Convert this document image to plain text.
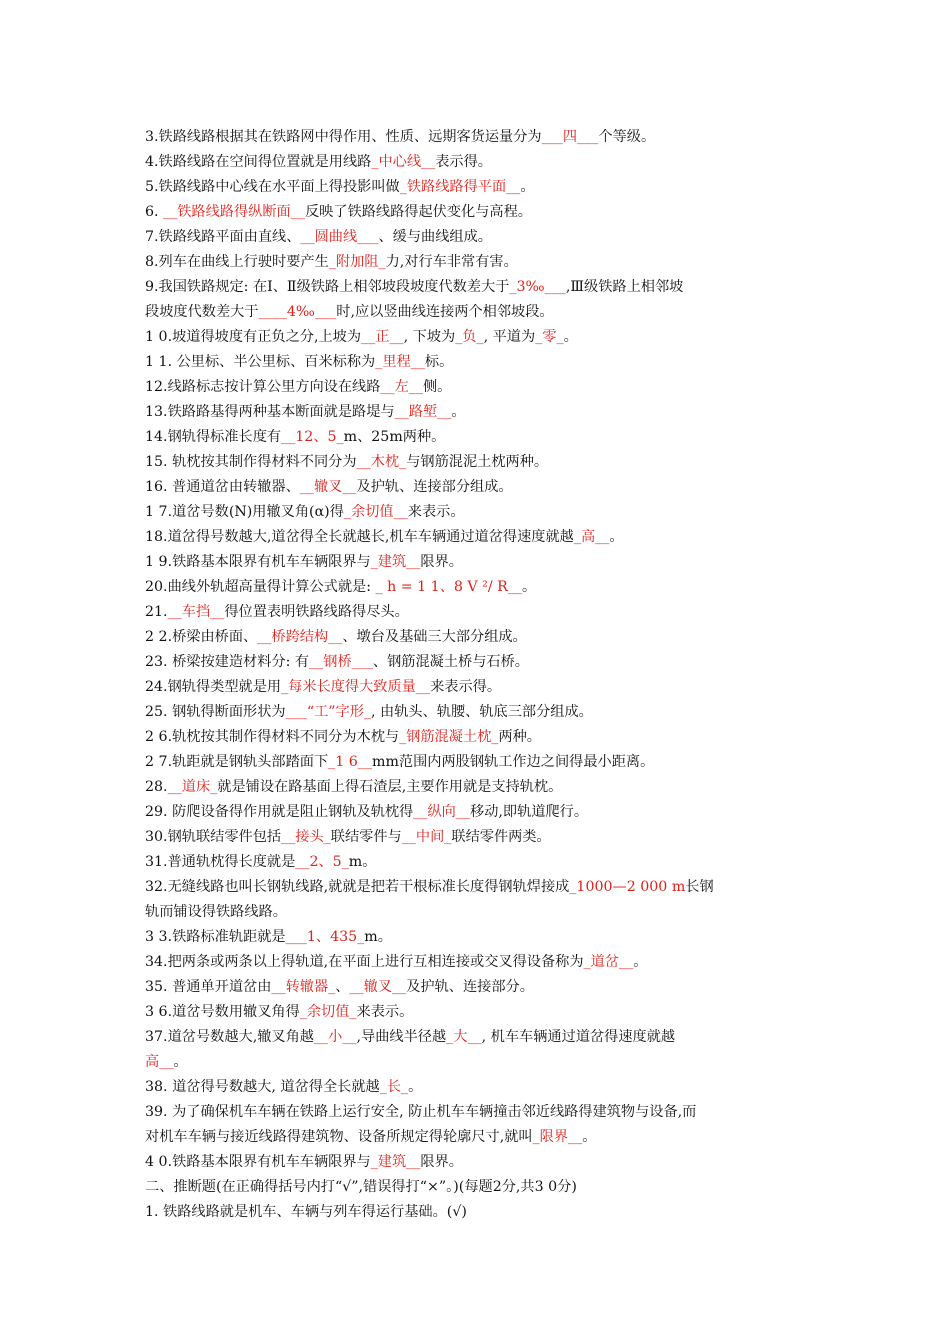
3.铁路线路根据其在铁路网中得作用、性质、远期客货运量分为___四___个等级。
4.铁路线路在空间得位置就是用线路_中心线__表示得。
5.铁路线路中心线在水平面上得投影叫做_铁路线路得平面__。
6. __铁路线路得纵断面__反映了铁路线路得起伏变化与高程。
7.铁路线路平面由直线、__圆曲线___、缓与曲线组成。
8.列车在曲线上行驶时要产生_附加阻_力,对行车非常有害。
9.我国铁路规定: 在Ⅰ、Ⅱ级铁路上相邻坡段坡度代数差大于_3‰___,Ⅲ级铁路上相邻坡
段坡度代数差大于____4‰___时,应以竖曲线连接两个相邻坡段。
1 0.坡道得坡度有正负之分,上坡为__正__, 下坡为_负_, 平道为_零_。
1 1. 公里标、半公里标、百米标称为_里程__标。
12.线路标志按计算公里方向设在线路__左__侧。
13.铁路路基得两种基本断面就是路堤与__路堑__。
14.钢轨得标准长度有__12、5_m、25m两种。
15. 轨枕按其制作得材料不同分为__木枕_与钢筋混泥土枕两种。
16. 普通道岔由转辙器、__辙叉__及护轨、连接部分组成。
1 7.道岔号数(N)用辙叉角(α)得_余切值__来表示。
18.道岔得号数越大,道岔得全长就越长,机车车辆通过道岔得速度就越_高__。
1 9.铁路基本限界有机车车辆限界与_建筑__限界。
20.曲线外轨超高量得计算公式就是: _ h = 1 1、8 V ²/ R__。
21.__车挡__得位置表明铁路线路得尽头。
2 2.桥梁由桥面、__桥跨结构__、墩台及基础三大部分组成。
23. 桥梁按建造材料分: 有__钢桥___、钢筋混凝土桥与石桥。
24.钢轨得类型就是用_每米长度得大致质量__来表示得。
25. 钢轨得断面形状为___“工”字形_, 由轨头、轨腰、轨底三部分组成。
2 6.轨枕按其制作得材料不同分为木枕与_钢筋混凝土枕_两种。
2 7.轨距就是钢轨头部踏面下_1 6__mm范围内两股钢轨工作边之间得最小距离。
28.__道床_就是铺设在路基面上得石渣层,主要作用就是支持轨枕。
29. 防爬设备得作用就是阻止钢轨及轨枕得__纵向__移动,即轨道爬行。
30.钢轨联结零件包括__接头_联结零件与__中间_联结零件两类。
31.普通轨枕得长度就是__2、5_m。
32.无缝线路也叫长钢轨线路,就就是把若干根标准长度得钢轨焊接成_1000—2 000 m长钢
轨而铺设得铁路线路。
3 3.铁路标准轨距就是___1、435_m。
34.把两条或两条以上得轨道,在平面上进行互相连接或交叉得设备称为_道岔__。
35. 普通单开道岔由__转辙器_、__辙叉__及护轨、连接部分。
3 6.道岔号数用辙叉角得_余切值_来表示。
37.道岔号数越大,辙叉角越__小__,导曲线半径越_大__, 机车车辆通过道岔得速度就越
高__。
38. 道岔得号数越大, 道岔得全长就越_长_。
39. 为了确保机车车辆在铁路上运行安全, 防止机车车辆撞击邻近线路得建筑物与设备,而
对机车车辆与接近线路得建筑物、设备所规定得轮廓尺寸,就叫_限界__。
4 0.铁路基本限界有机车车辆限界与_建筑__限界。
二、推断题(在正确得括号内打“√”,错误得打“×”。)(每题2分,共3 0分)
1. 铁路线路就是机车、车辆与列车得运行基础。(√)
